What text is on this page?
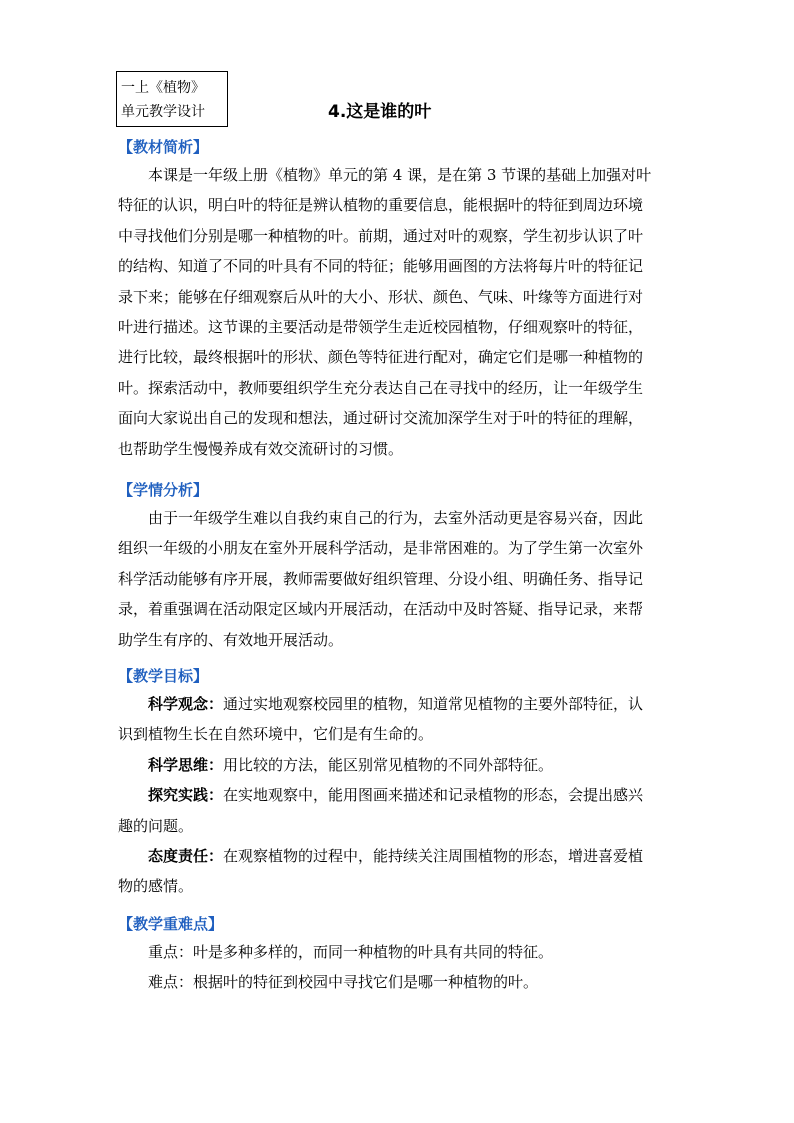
一上《植物》
单元教学设计	4.这是谁的叶
【教材简析】
本课是一年级上册《植物》单元的第 4 课，是在第 3 节课的基础上加强对叶
特征的认识，明白叶的特征是辨认植物的重要信息，能根据叶的特征到周边环境
中寻找他们分别是哪一种植物的叶。前期，通过对叶的观察，学生初步认识了叶
的结构、知道了不同的叶具有不同的特征；能够用画图的方法将每片叶的特征记
录下来；能够在仔细观察后从叶的大小、形状、颜色、气味、叶缘等方面进行对
叶进行描述。这节课的主要活动是带领学生走近校园植物，仔细观察叶的特征，
进行比较，最终根据叶的形状、颜色等特征进行配对，确定它们是哪一种植物的
叶。探索活动中，教师要组织学生充分表达自己在寻找中的经历，让一年级学生
面向大家说出自己的发现和想法，通过研讨交流加深学生对于叶的特征的理解，
也帮助学生慢慢养成有效交流研讨的习惯。
【学情分析】
由于一年级学生难以自我约束自己的行为，去室外活动更是容易兴奋，因此
组织一年级的小朋友在室外开展科学活动，是非常困难的。为了学生第一次室外
科学活动能够有序开展，教师需要做好组织管理、分设小组、明确任务、指导记
录，着重强调在活动限定区域内开展活动，在活动中及时答疑、指导记录，来帮
助学生有序的、有效地开展活动。
【教学目标】
科学观念：通过实地观察校园里的植物，知道常见植物的主要外部特征，认
识到植物生长在自然环境中，它们是有生命的。
科学思维：用比较的方法，能区别常见植物的不同外部特征。
探究实践：在实地观察中，能用图画来描述和记录植物的形态，会提出感兴
趣的问题。
态度责任：在观察植物的过程中，能持续关注周围植物的形态，增进喜爱植
物的感情。
【教学重难点】
重点：叶是多种多样的，而同一种植物的叶具有共同的特征。
难点：根据叶的特征到校园中寻找它们是哪一种植物的叶。
